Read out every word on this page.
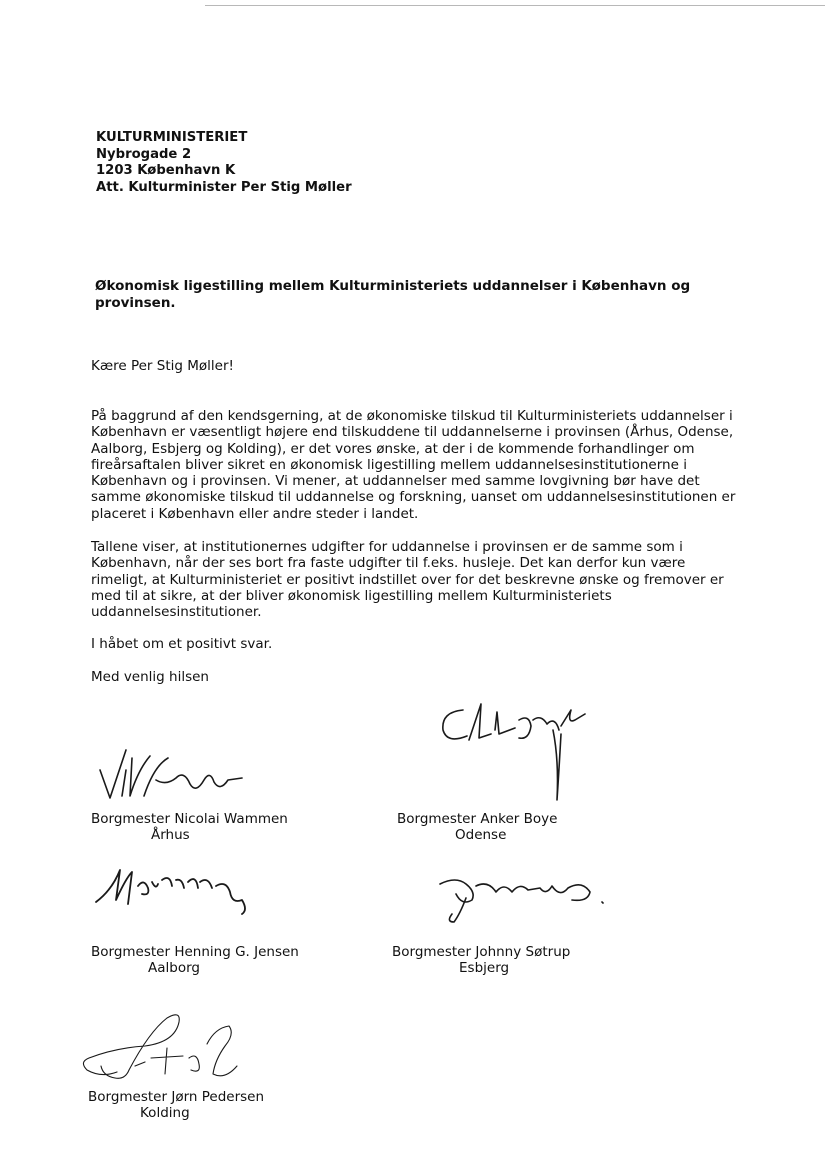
KULTURMINISTERIET
Nybrogade 2
1203 København K
Att. Kulturminister Per Stig Møller
Økonomisk ligestilling mellem Kulturministeriets uddannelser i København og provinsen.
Kære Per Stig Møller!
På baggrund af den kendsgerning, at de økonomiske tilskud til Kulturministeriets uddannelser i
København er væsentligt højere end tilskuddene til uddannelserne i provinsen (Århus, Odense,
Aalborg, Esbjerg og Kolding), er det vores ønske, at der i de kommende forhandlinger om
fireårsaftalen bliver sikret en økonomisk ligestilling mellem uddannelsesinstitutionerne i
København og i provinsen. Vi mener, at uddannelser med samme lovgivning bør have det
samme økonomiske tilskud til uddannelse og forskning, uanset om uddannelsesinstitutionen er
placeret i København eller andre steder i landet.
Tallene viser, at institutionernes udgifter for uddannelse i provinsen er de samme som i
København, når der ses bort fra faste udgifter til f.eks. husleje. Det kan derfor kun være
rimeligt, at Kulturministeriet er positivt indstillet over for det beskrevne ønske og fremover er
med til at sikre, at der bliver økonomisk ligestilling mellem Kulturministeriets
uddannelsesinstitutioner.
I håbet om et positivt svar.
Med venlig hilsen
Borgmester Nicolai Wammen
Århus
Borgmester Anker Boye
Odense
Borgmester Henning G. Jensen
Aalborg
Borgmester Johnny Søtrup
Esbjerg
Borgmester Jørn Pedersen
Kolding
